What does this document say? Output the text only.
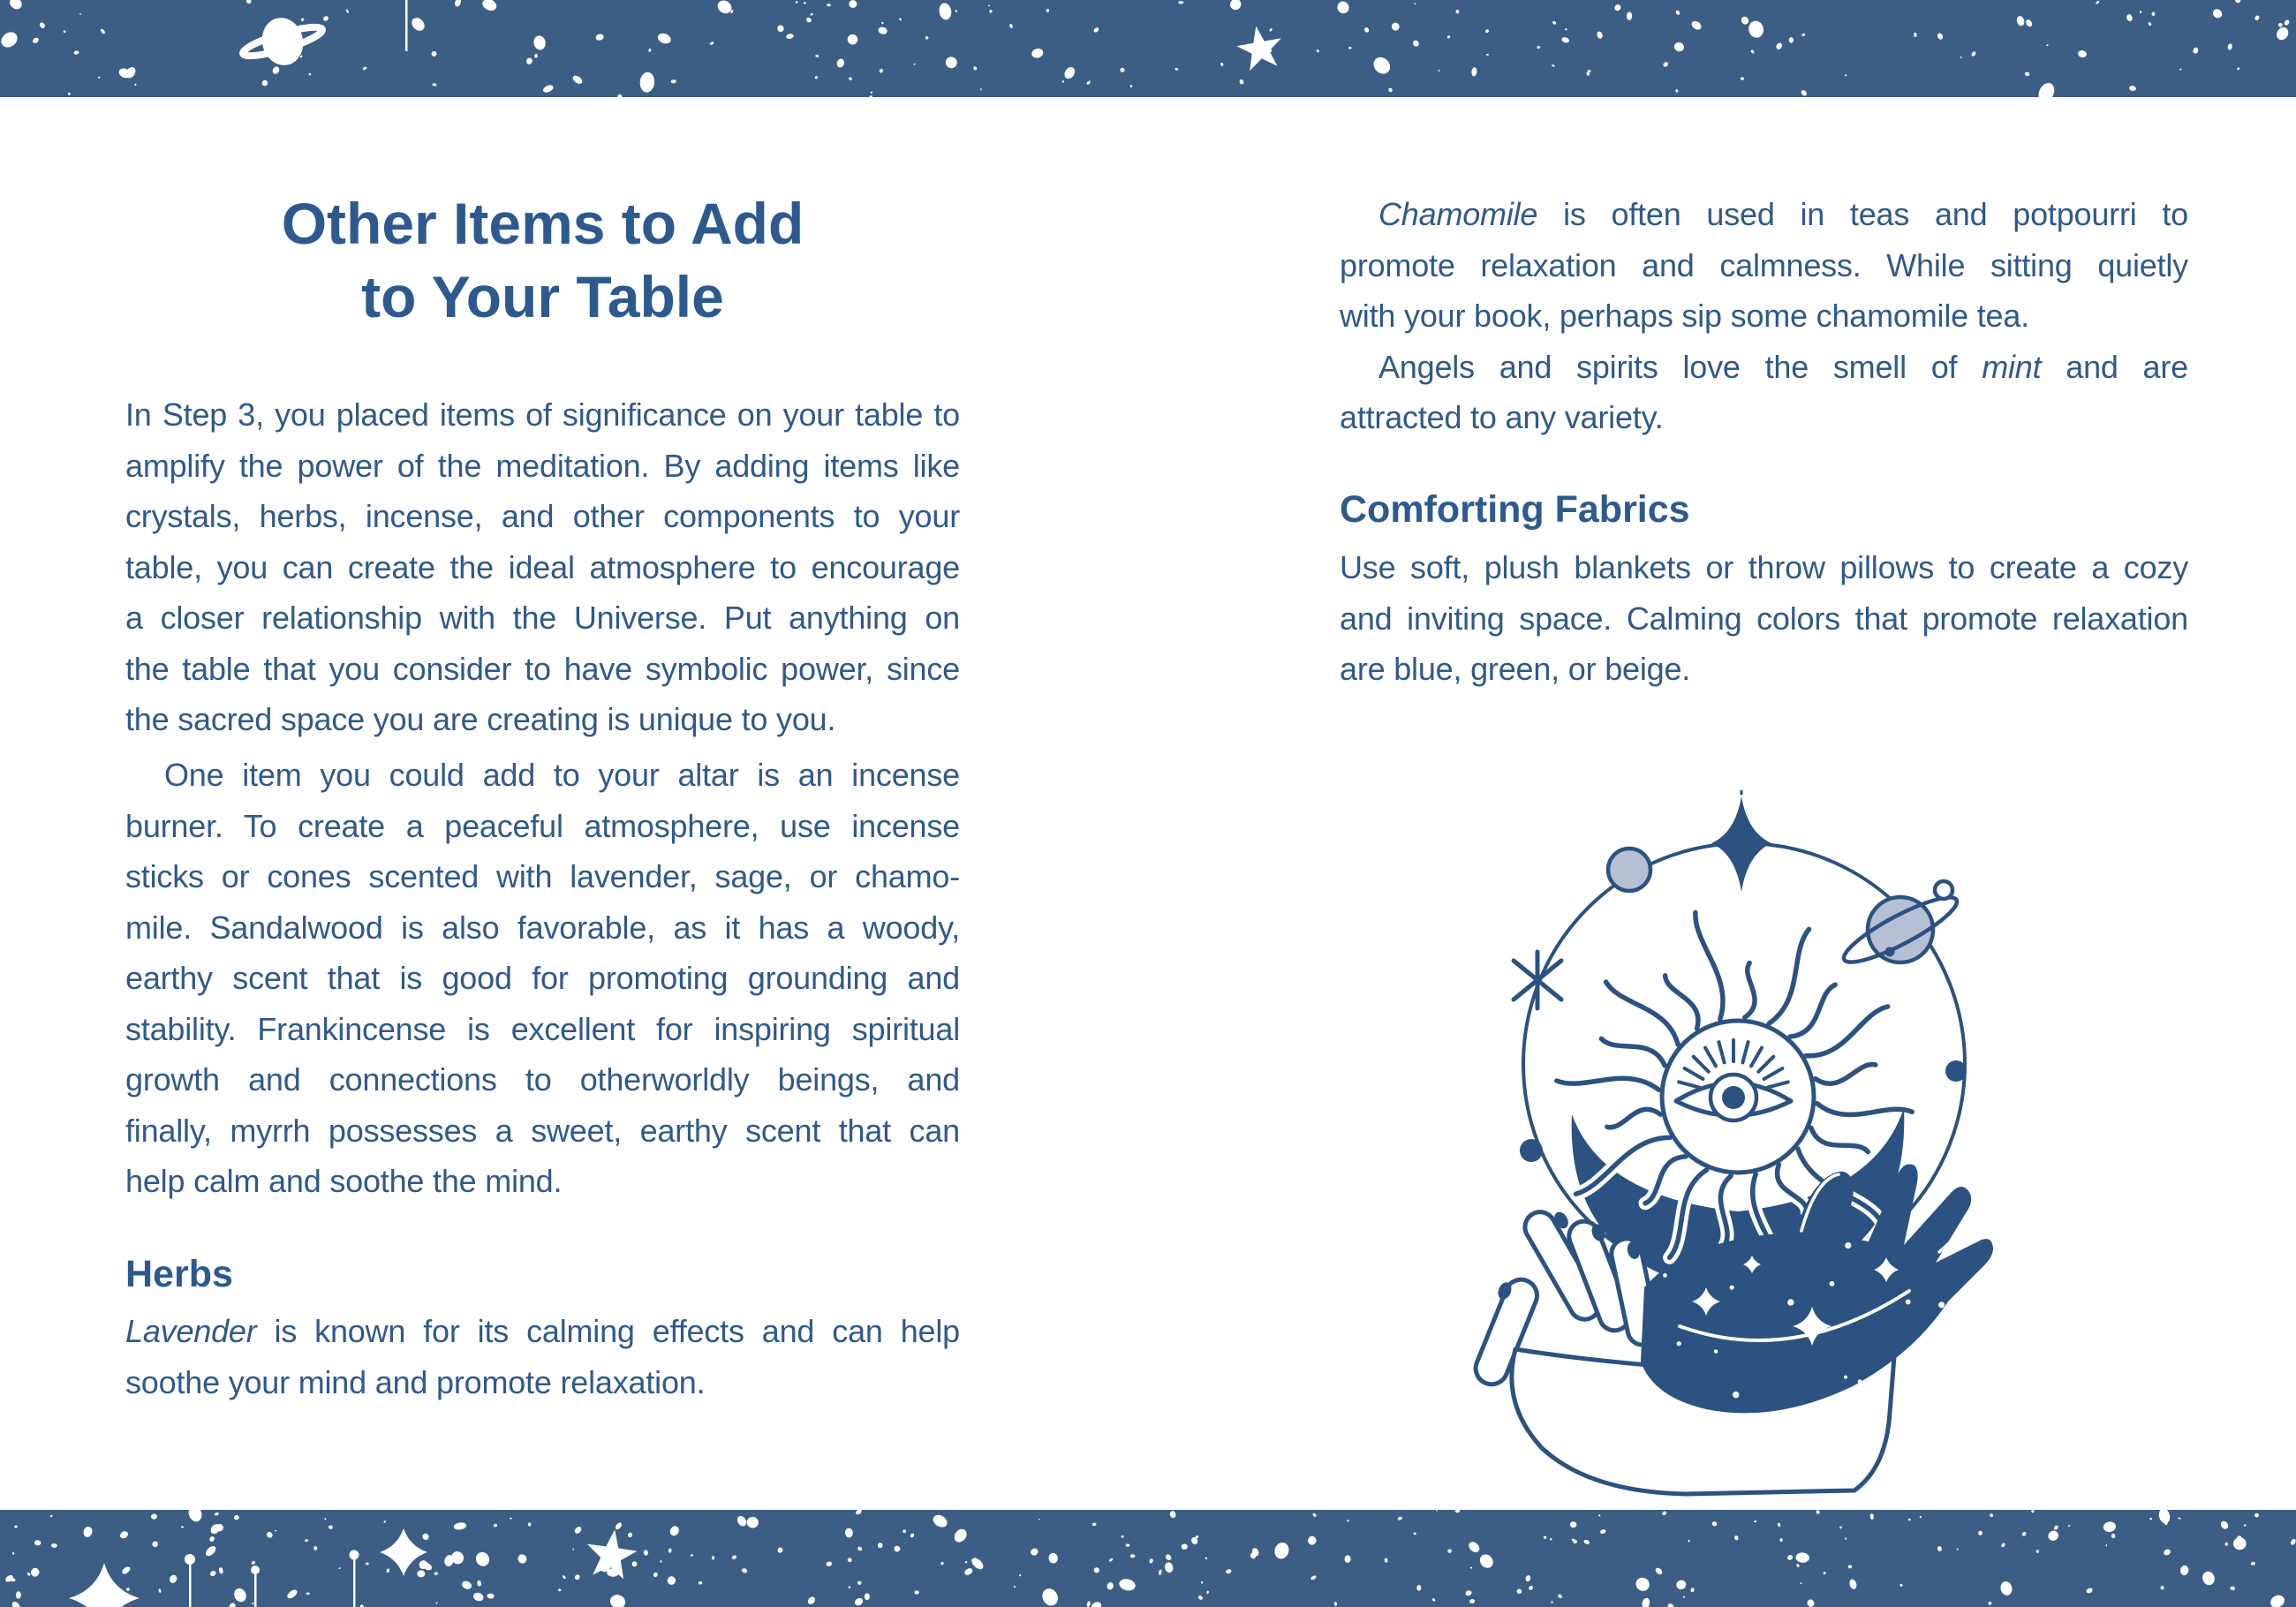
Other Items to Add
to Your Table
In Step 3, you placed items of significance on your table to
amplify the power of the meditation. By adding items like
crystals, herbs, incense, and other components to your
table, you can create the ideal atmosphere to encourage
a closer relationship with the Universe. Put anything on
the table that you consider to have symbolic power, since
the sacred space you are creating is unique to you.
One item you could add to your altar is an incense
burner. To create a peaceful atmosphere, use incense
sticks or cones scented with lavender, sage, or chamo-
mile. Sandalwood is also favorable, as it has a woody,
earthy scent that is good for promoting grounding and
stability. Frankincense is excellent for inspiring spiritual
growth and connections to otherworldly beings, and
finally, myrrh possesses a sweet, earthy scent that can
help calm and soothe the mind.
Herbs
Lavender is known for its calming effects and can help
soothe your mind and promote relaxation.
Chamomile is often used in teas and potpourri to
promote relaxation and calmness. While sitting quietly
with your book, perhaps sip some chamomile tea.
Angels and spirits love the smell of mint and are
attracted to any variety.
Comforting Fabrics
Use soft, plush blankets or throw pillows to create a cozy
and inviting space. Calming colors that promote relaxation
are blue, green, or beige.
